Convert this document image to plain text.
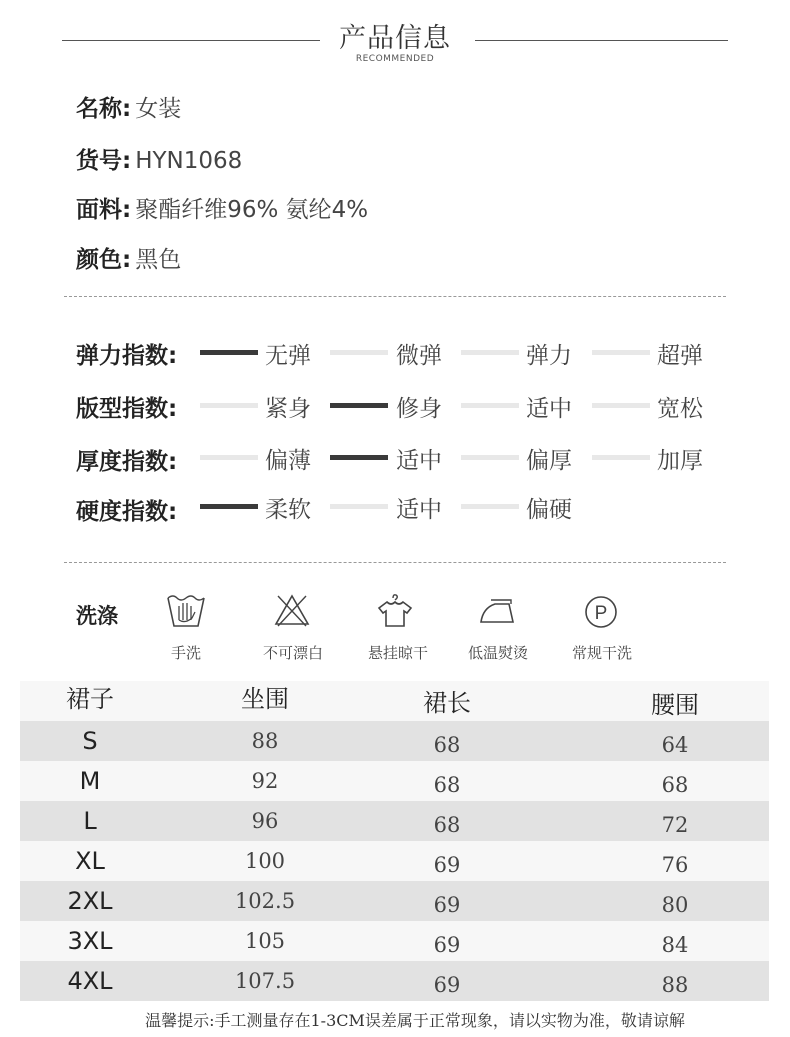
产品信息
RECOMMENDED
名称: 女装
货号: HYN1068
面料: 聚酯纤维96% 氨纶4%
颜色: 黑色
弹力指数:	无弹	微弹	弹力	超弹
版型指数:	紧身	修身	适中	宽松
厚度指数:	偏薄	适中	偏厚	加厚
硬度指数:	柔软	适中	偏硬
洗涤	P
手洗	不可漂白	悬挂晾干	低温熨烫	常规干洗
裙子	坐围	裙长	腰围
S	88	68	64
M	92	68	68
L	96	68	72
XL	100	69	76
2XL	102.5	69	80
3XL	105	69	84
4XL	107.5	69	88
温馨提示:手工测量存在1-3CM误差属于正常现象，请以实物为准，敬请谅解
